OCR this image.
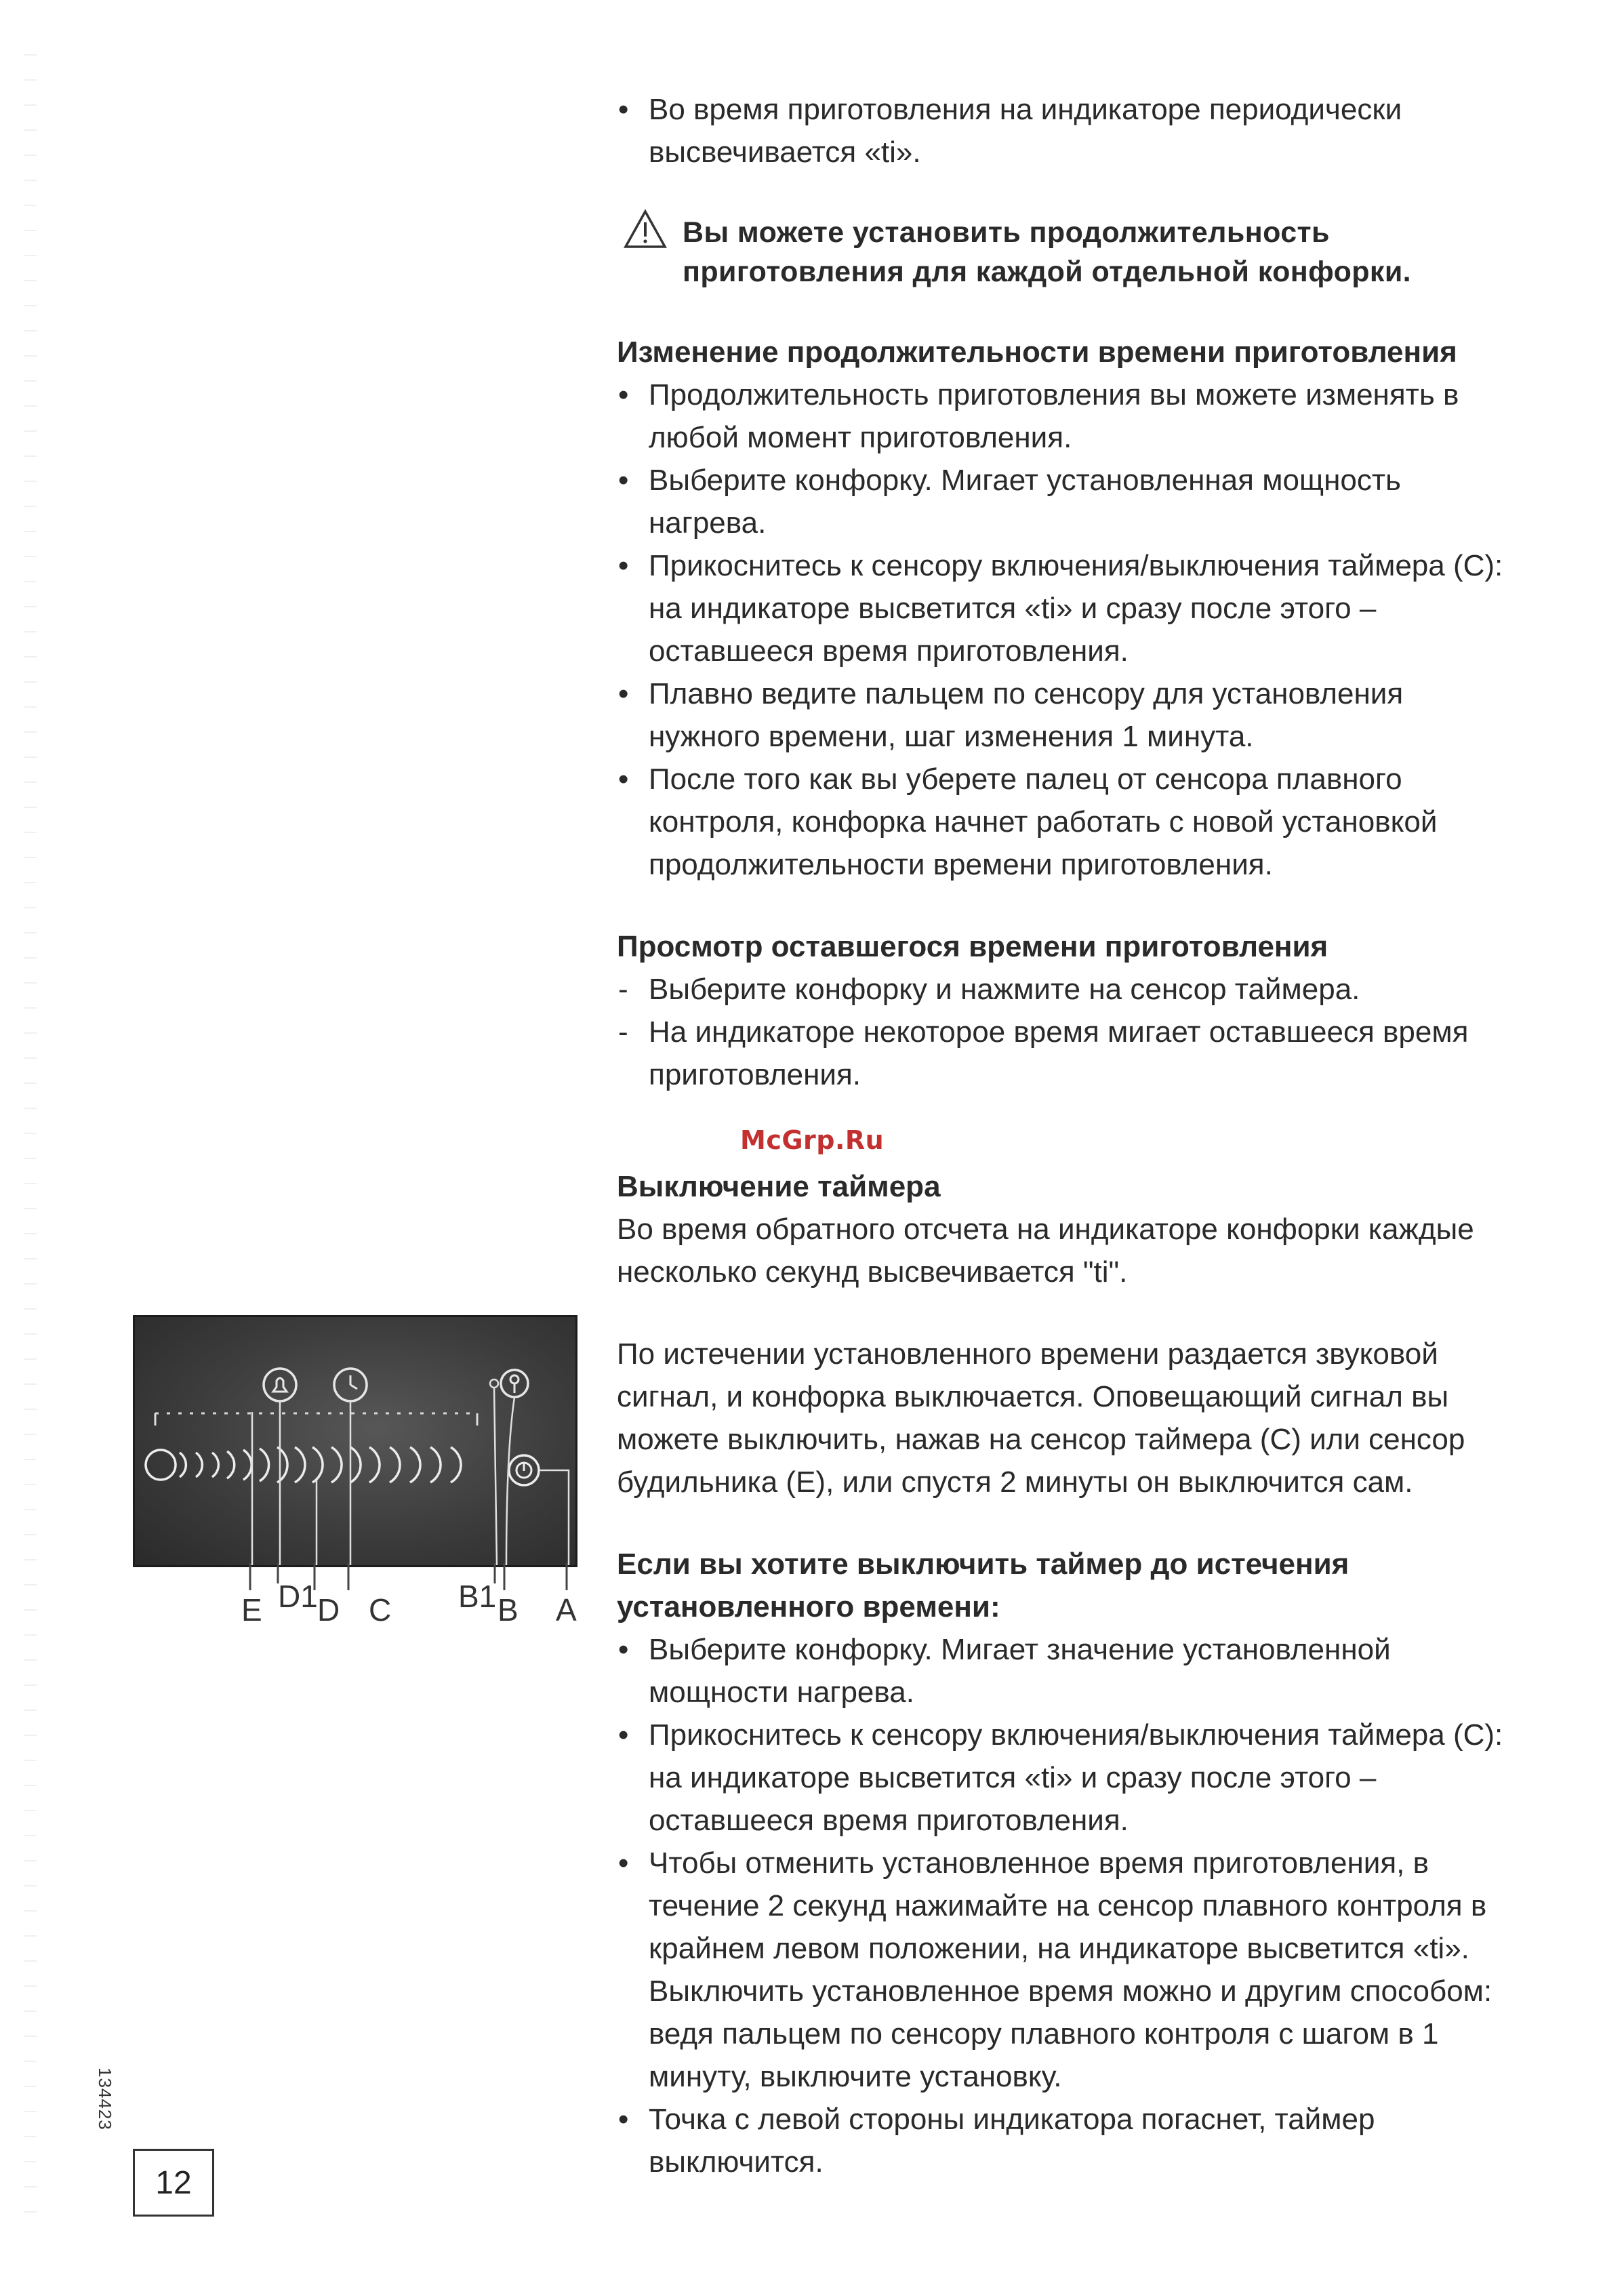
• Во время приготовления на индикаторе периодически высвечивается «ti».
Вы можете установить продолжительность приготовления для каждой отдельной конфорки.

Изменение продолжительности времени приготовления

• Продолжительность приготовления вы можете изменять в любой момент приготовления.
• Выберите конфорку. Мигает установленная мощность нагрева.
• Прикоснитесь к сенсору включения/выключения таймера (С): на индикаторе высветится «ti» и сразу после этого – оставшееся время приготовления.
• Плавно ведите пальцем по сенсору для установления нужного времени, шаг изменения 1 минута.
• После того как вы уберете палец от сенсора плавного контроля, конфорка начнет работать с новой установкой продолжительности времени приготовления.

Просмотр оставшегося времени приготовления

- Выберите конфорку и нажмите на сенсор таймера.
- На индикаторе некоторое время мигает оставшееся время приготовления.

Выключение таймера

Во время обратного отсчета на индикаторе конфорки каждые несколько секунд высвечивается "ti".

По истечении установленного времени раздается звуковой сигнал, и конфорка выключается. Оповещающий сигнал вы можете выключить, нажав на сенсор таймера (С) или сенсор будильника (Е), или спустя 2 минуты он выключится сам.

Если вы хотите выключить таймер до истечения установленного времени:

• Выберите конфорку. Мигает значение установленной мощности нагрева.
• Прикоснитесь к сенсору включения/выключения таймера (С): на индикаторе высветится «ti» и сразу после этого – оставшееся время приготовления.
• Чтобы отменить установленное время приготовления, в течение 2 секунд нажимайте на сенсор плавного контроля в крайнем левом положении, на индикаторе высветится «ti». Выключить установленное время можно и другим способом: ведя пальцем по сенсору плавного контроля с шагом в 1 минуту, выключите установку.
• Точка с левой стороны индикатора погаснет, таймер выключится.
McGrp.Ru
E D1 D C B1 B A
134423
12
